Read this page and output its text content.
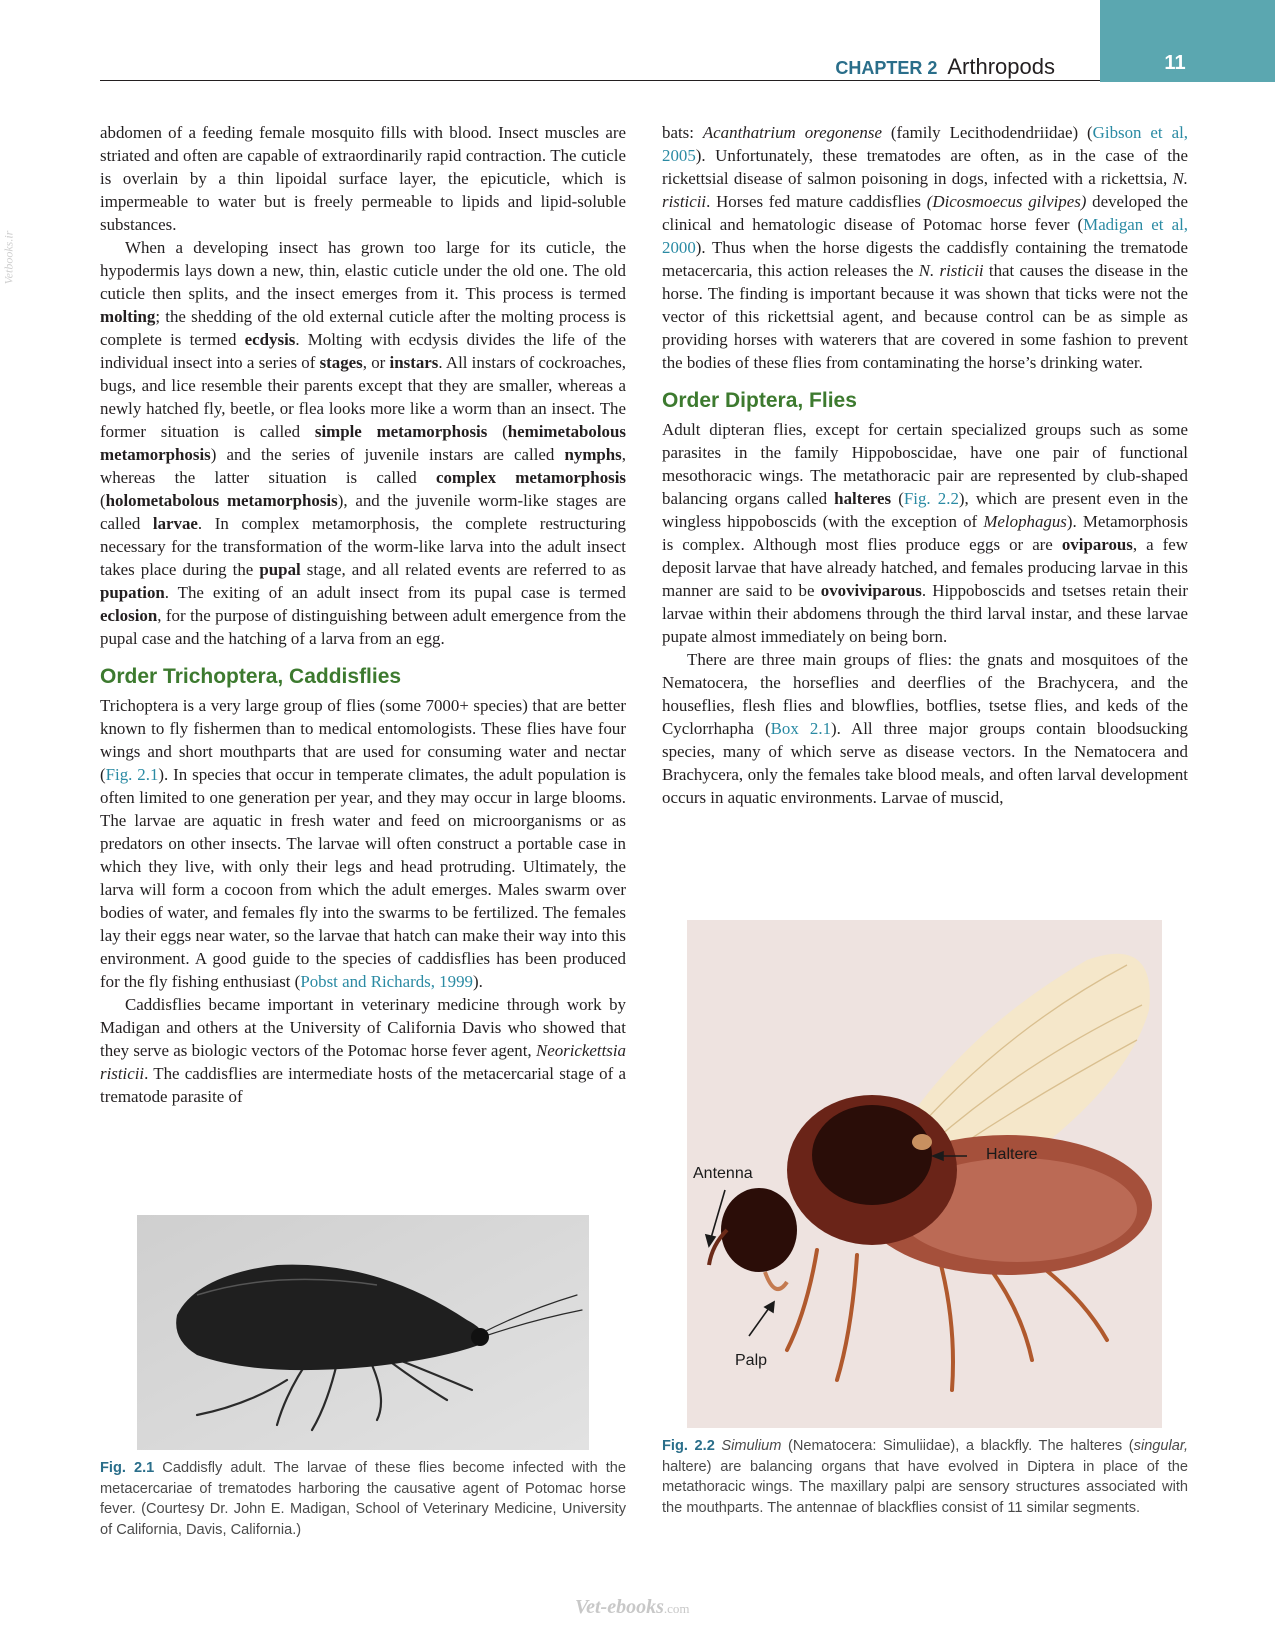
11
CHAPTER 2 Arthropods
Vetbooks.ir

abdomen of a feeding female mosquito fills with blood. Insect muscles are striated and often are capable of extraordinarily rapid contraction. The cuticle is overlain by a thin lipoidal surface layer, the epicuticle, which is impermeable to water but is freely permeable to lipids and lipid-soluble substances.

When a developing insect has grown too large for its cuticle, the hypodermis lays down a new, thin, elastic cuticle under the old one. The old cuticle then splits, and the insect emerges from it. This process is termed molting; the shedding of the old external cuticle after the molting process is complete is termed ecdysis. Molting with ecdysis divides the life of the individual insect into a series of stages, or instars. All instars of cockroaches, bugs, and lice resemble their parents except that they are smaller, whereas a newly hatched fly, beetle, or flea looks more like a worm than an insect. The former situation is called simple metamorphosis (hemimetabolous metamorphosis) and the series of juvenile instars are called nymphs, whereas the latter situation is called complex metamorphosis (holometabolous metamorphosis), and the juvenile worm-like stages are called larvae. In complex metamorphosis, the complete restructuring necessary for the transformation of the worm-like larva into the adult insect takes place during the pupal stage, and all related events are referred to as pupation. The exiting of an adult insect from its pupal case is termed eclosion, for the purpose of distinguishing between adult emergence from the pupal case and the hatching of a larva from an egg.

Order Trichoptera, Caddisflies

Trichoptera is a very large group of flies (some 7000+ species) that are better known to fly fishermen than to medical entomologists. These flies have four wings and short mouthparts that are used for consuming water and nectar (Fig. 2.1). In species that occur in temperate climates, the adult population is often limited to one generation per year, and they may occur in large blooms. The larvae are aquatic in fresh water and feed on microorganisms or as predators on other insects. The larvae will often construct a portable case in which they live, with only their legs and head protruding. Ultimately, the larva will form a cocoon from which the adult emerges. Males swarm over bodies of water, and females fly into the swarms to be fertilized. The females lay their eggs near water, so the larvae that hatch can make their way into this environment. A good guide to the species of caddisflies has been produced for the fly fishing enthusiast (Pobst and Richards, 1999).

Caddisflies became important in veterinary medicine through work by Madigan and others at the University of California Davis who showed that they serve as biologic vectors of the Potomac horse fever agent, Neorickettsia risticii. The caddisflies are intermediate hosts of the metacercarial stage of a trematode parasite of

bats: Acanthatrium oregonense (family Lecithodendriidae) (Gibson et al, 2005). Unfortunately, these trematodes are often, as in the case of the rickettsial disease of salmon poisoning in dogs, infected with a rickettsia, N. risticii. Horses fed mature caddisflies (Dicosmoecus gilvipes) developed the clinical and hematologic disease of Potomac horse fever (Madigan et al, 2000). Thus when the horse digests the caddisfly containing the trematode metacercaria, this action releases the N. risticii that causes the disease in the horse. The finding is important because it was shown that ticks were not the vector of this rickettsial agent, and because control can be as simple as providing horses with waterers that are covered in some fashion to prevent the bodies of these flies from contaminating the horse’s drinking water.

Order Diptera, Flies

Adult dipteran flies, except for certain specialized groups such as some parasites in the family Hippoboscidae, have one pair of functional mesothoracic wings. The metathoracic pair are represented by club-shaped balancing organs called halteres (Fig. 2.2), which are present even in the wingless hippoboscids (with the exception of Melophagus). Metamorphosis is complex. Although most flies produce eggs or are oviparous, a few deposit larvae that have already hatched, and females producing larvae in this manner are said to be ovoviviparous. Hippoboscids and tsetses retain their larvae within their abdomens through the third larval instar, and these larvae pupate almost immediately on being born.

There are three main groups of flies: the gnats and mosquitoes of the Nematocera, the horseflies and deerflies of the Brachycera, and the houseflies, flesh flies and blowflies, botflies, tsetse flies, and keds of the Cyclorrhapha (Box 2.1). All three major groups contain bloodsucking species, many of which serve as disease vectors. In the Nematocera and Brachycera, only the females take blood meals, and often larval development occurs in aquatic environments. Larvae of muscid,

Antenna
Haltere
Palp
Fig. 2.1 Caddisfly adult. The larvae of these flies become infected with the metacercariae of trematodes harboring the causative agent of Potomac horse fever. (Courtesy Dr. John E. Madigan, School of Veterinary Medicine, University of California, Davis, California.)
Fig. 2.2 Simulium (Nematocera: Simuliidae), a blackfly. The halteres (singular, haltere) are balancing organs that have evolved in Diptera in place of the metathoracic wings. The maxillary palpi are sensory structures associated with the mouthparts. The antennae of blackflies consist of 11 similar segments.
Vet-ebooks.com
